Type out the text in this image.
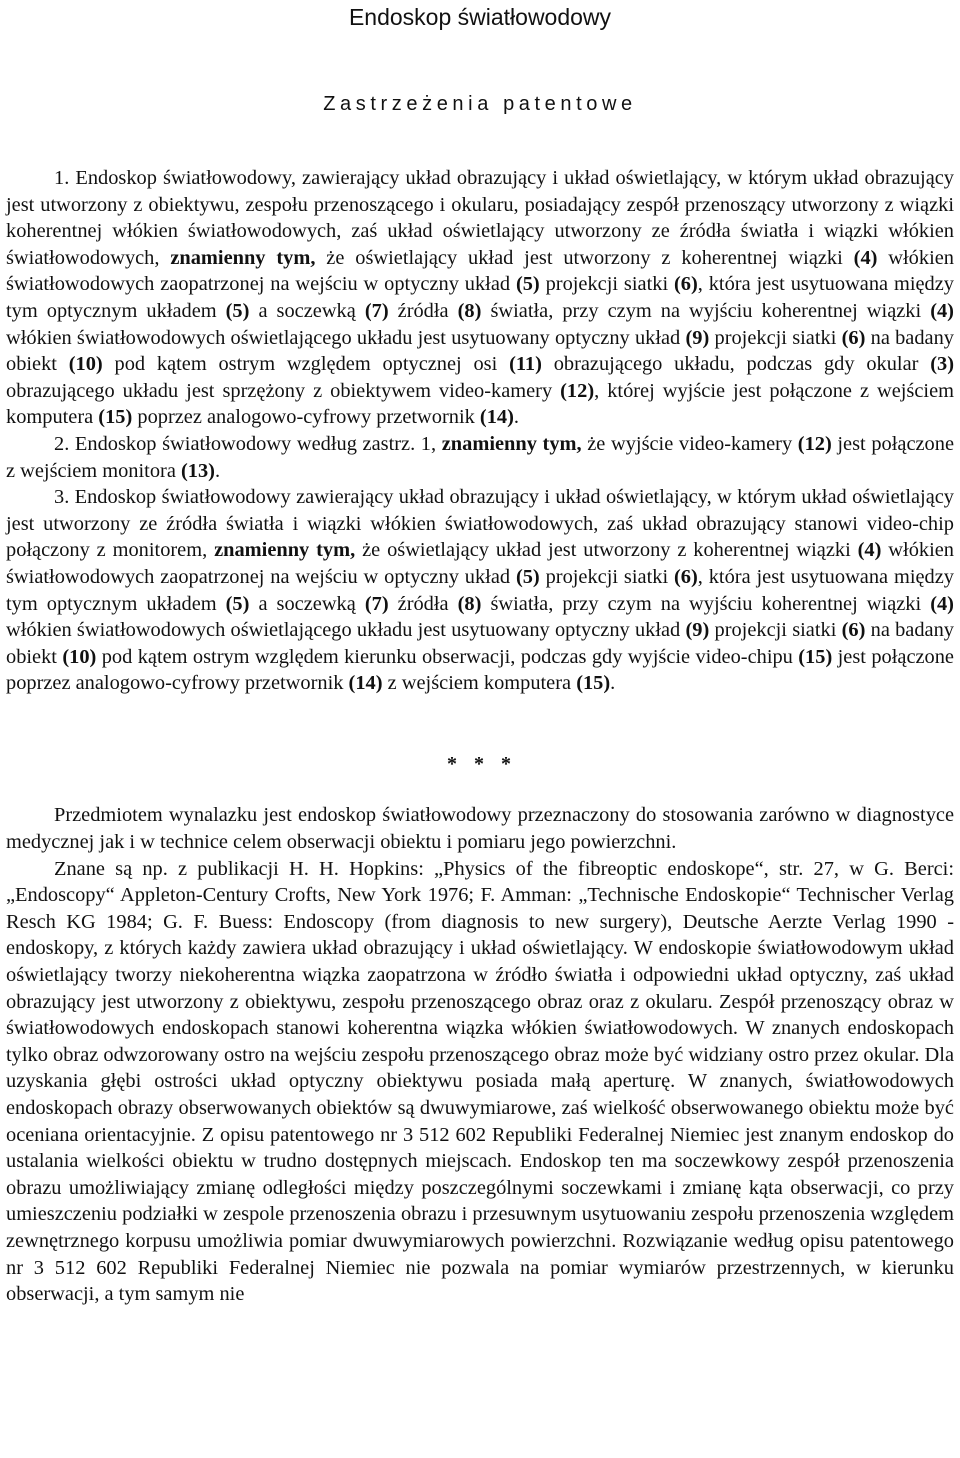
Endoskop światłowodowy
Zastrzeżenia patentowe

1. Endoskop światłowodowy, zawierający układ obrazujący i układ oświetlający, w którym układ obrazujący jest utworzony z obiektywu, zespołu przenoszącego i okularu, posiadający zespół przenoszący utworzony z wiązki koherentnej włókien światłowodowych, zaś układ oświetlający utworzony ze źródła światła i wiązki włókien światłowodowych, znamienny tym, że oświetlający układ jest utworzony z koherentnej wiązki (4) włókien światłowodowych zaopatrzonej na wejściu w optyczny układ (5) projekcji siatki (6), która jest usytuowana między tym optycznym układem (5) a soczewką (7) źródła (8) światła, przy czym na wyjściu koherentnej wiązki (4) włókien światłowodowych oświetlającego układu jest usytuowany optyczny układ (9) projekcji siatki (6) na badany obiekt (10) pod kątem ostrym względem optycznej osi (11) obrazującego układu, podczas gdy okular (3) obrazującego układu jest sprzężony z obiektywem video-kamery (12), której wyjście jest połączone z wejściem komputera (15) poprzez analogowo-cyfrowy przetwornik (14).

2. Endoskop światłowodowy według zastrz. 1, znamienny tym, że wyjście video-kamery (12) jest połączone z wejściem monitora (13).

3. Endoskop światłowodowy zawierający układ obrazujący i układ oświetlający, w którym układ oświetlający jest utworzony ze źródła światła i wiązki włókien światłowodowych, zaś układ obrazujący stanowi video-chip połączony z monitorem, znamienny tym, że oświetlający układ jest utworzony z koherentnej wiązki (4) włókien światłowodowych zaopatrzonej na wejściu w optyczny układ (5) projekcji siatki (6), która jest usytuowana między tym optycznym układem (5) a soczewką (7) źródła (8) światła, przy czym na wyjściu koherentnej wiązki (4) włókien światłowodowych oświetlającego układu jest usytuowany optyczny układ (9) projekcji siatki (6) na badany obiekt (10) pod kątem ostrym względem kierunku obserwacji, podczas gdy wyjście video-chipu (15) jest połączone poprzez analogowo-cyfrowy przetwornik (14) z wejściem komputera (15).

* * *

Przedmiotem wynalazku jest endoskop światłowodowy przeznaczony do stosowania zarówno w diagnostyce medycznej jak i w technice celem obserwacji obiektu i pomiaru jego powierzchni.

Znane są np. z publikacji H. H. Hopkins: „Physics of the fibreoptic endoskope“, str. 27, w G. Berci: „Endoscopy“ Appleton-Century Crofts, New York 1976; F. Amman: „Technische Endoskopie“ Technischer Verlag Resch KG 1984; G. F. Buess: Endoscopy (from diagnosis to new surgery), Deutsche Aerzte Verlag 1990 - endoskopy, z których każdy zawiera układ obrazujący i układ oświetlający. W endoskopie światłowodowym układ oświetlający tworzy niekoherentna wiązka zaopatrzona w źródło światła i odpowiedni układ optyczny, zaś układ obrazujący jest utworzony z obiektywu, zespołu przenoszącego obraz oraz z okularu. Zespół przenoszący obraz w światłowodowych endoskopach stanowi koherentna wiązka włókien światłowodowych. W znanych endoskopach tylko obraz odwzorowany ostro na wejściu zespołu przenoszącego obraz może być widziany ostro przez okular. Dla uzyskania głębi ostrości układ optyczny obiektywu posiada małą aperturę. W znanych, światłowodowych endoskopach obrazy obserwowanych obiektów są dwuwymiarowe, zaś wielkość obserwowanego obiektu może być oceniana orientacyjnie. Z opisu patentowego nr 3 512 602 Republiki Federalnej Niemiec jest znanym endoskop do ustalania wielkości obiektu w trudno dostępnych miejscach. Endoskop ten ma soczewkowy zespół przenoszenia obrazu umożliwiający zmianę odległości między poszczególnymi soczewkami i zmianę kąta obserwacji, co przy umieszczeniu podziałki w zespole przenoszenia obrazu i przesuwnym usytuowaniu zespołu przenoszenia względem zewnętrznego korpusu umożliwia pomiar dwuwymiarowych powierzchni. Rozwiązanie według opisu patentowego nr 3 512 602 Republiki Federalnej Niemiec nie pozwala na pomiar wymiarów przestrzennych, w kierunku obserwacji, a tym samym nie
